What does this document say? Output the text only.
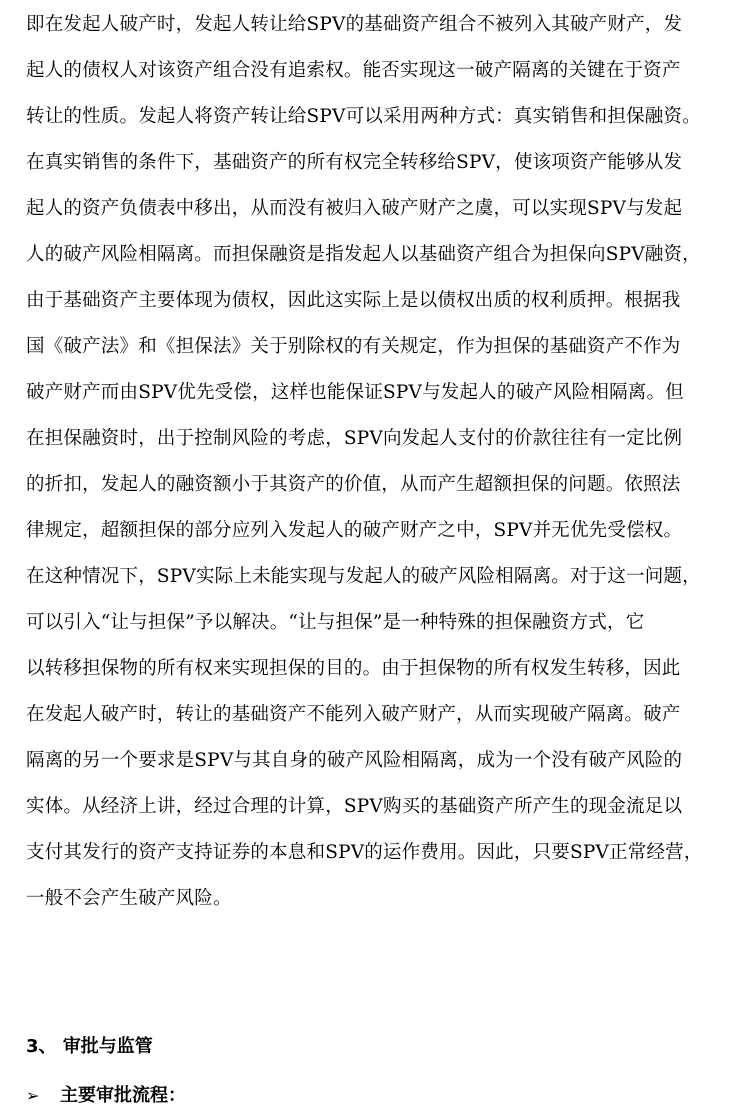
即在发起人破产时，发起人转让给SPV的基础资产组合不被列入其破产财产，发
起人的债权人对该资产组合没有追索权。能否实现这一破产隔离的关键在于资产
转让的性质。发起人将资产转让给SPV可以采用两种方式：真实销售和担保融资。
在真实销售的条件下，基础资产的所有权完全转移给SPV，使该项资产能够从发
起人的资产负债表中移出，从而没有被归入破产财产之虞，可以实现SPV与发起
人的破产风险相隔离。而担保融资是指发起人以基础资产组合为担保向SPV融资，
由于基础资产主要体现为债权，因此这实际上是以债权出质的权利质押。根据我
国《破产法》和《担保法》关于别除权的有关规定，作为担保的基础资产不作为
破产财产而由SPV优先受偿，这样也能保证SPV与发起人的破产风险相隔离。但
在担保融资时，出于控制风险的考虑，SPV向发起人支付的价款往往有一定比例
的折扣，发起人的融资额小于其资产的价值，从而产生超额担保的问题。依照法
律规定，超额担保的部分应列入发起人的破产财产之中，SPV并无优先受偿权。
在这种情况下，SPV实际上未能实现与发起人的破产风险相隔离。对于这一问题，
可以引入“让与担保”予以解决。“让与担保”是一种特殊的担保融资方式，它
以转移担保物的所有权来实现担保的目的。由于担保物的所有权发生转移，因此
在发起人破产时，转让的基础资产不能列入破产财产，从而实现破产隔离。破产
隔离的另一个要求是SPV与其自身的破产风险相隔离，成为一个没有破产风险的
实体。从经济上讲，经过合理的计算，SPV购买的基础资产所产生的现金流足以
支付其发行的资产支持证券的本息和SPV的运作费用。因此，只要SPV正常经营，
一般不会产生破产风险。
3、 审批与监管
➢ 主要审批流程：
